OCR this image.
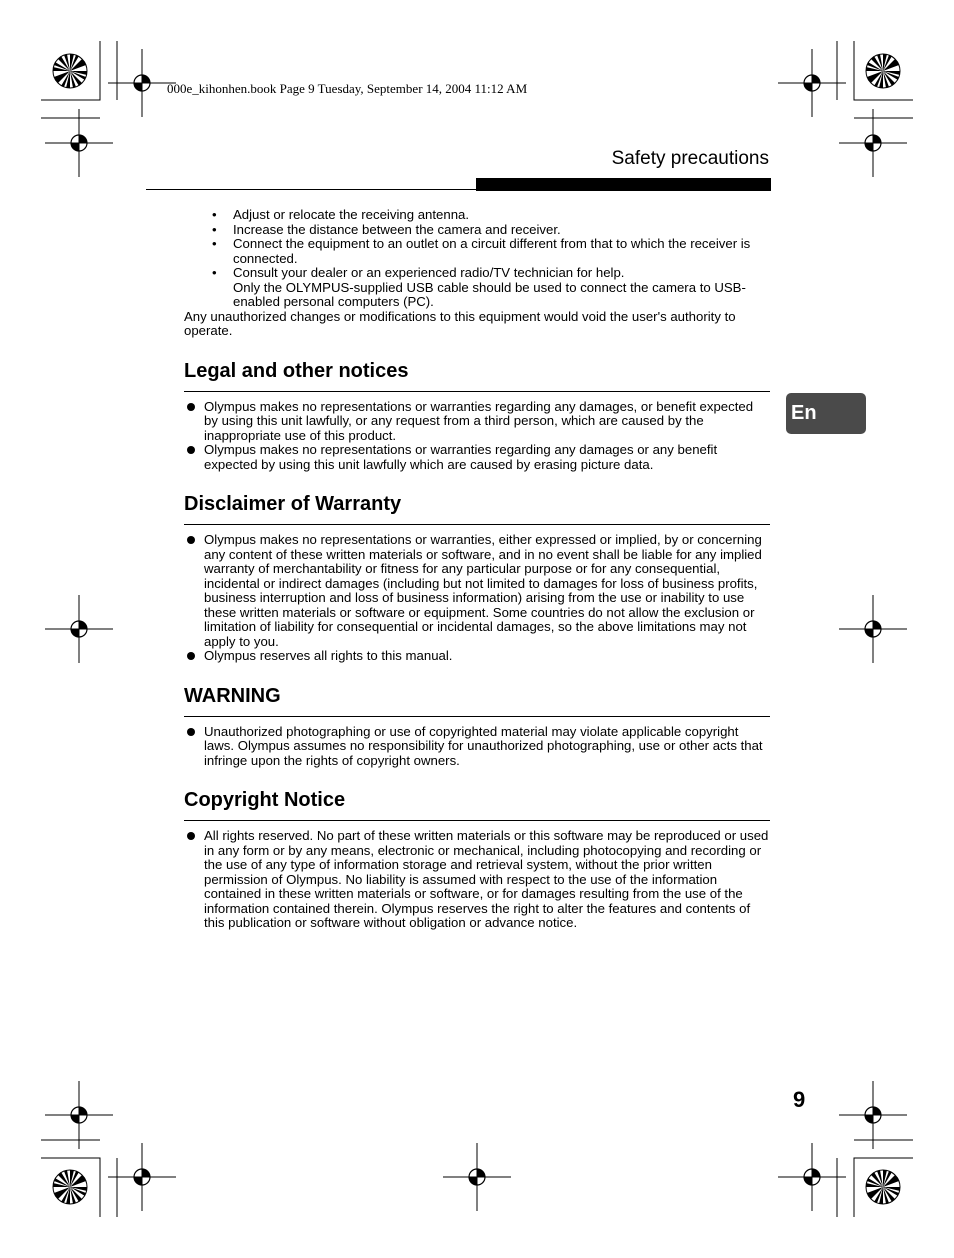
000e_kihonhen.book Page 9 Tuesday, September 14, 2004 11:12 AM
Safety precautions
En
• Adjust or relocate the receiving antenna.
• Increase the distance between the camera and receiver.
• Connect the equipment to an outlet on a circuit different from that to which the receiver is connected.
• Consult your dealer or an experienced radio/TV technician for help.
Only the OLYMPUS-supplied USB cable should be used to connect the camera to USB-enabled personal computers (PC).

Any unauthorized changes or modifications to this equipment would void the user's authority to operate.

Legal and other notices
Olympus makes no representations or warranties regarding any damages, or benefit expected by using this unit lawfully, or any request from a third person, which are caused by the inappropriate use of this product.
Olympus makes no representations or warranties regarding any damages or any benefit expected by using this unit lawfully which are caused by erasing picture data.
Disclaimer of Warranty
Olympus makes no representations or warranties, either expressed or implied, by or concerning any content of these written materials or software, and in no event shall be liable for any implied warranty of merchantability or fitness for any particular purpose or for any consequential, incidental or indirect damages (including but not limited to damages for loss of business profits, business interruption and loss of business information) arising from the use or inability to use these written materials or software or equipment. Some countries do not allow the exclusion or limitation of liability for consequential or incidental damages, so the above limitations may not apply to you.
Olympus reserves all rights to this manual.
WARNING
Unauthorized photographing or use of copyrighted material may violate applicable copyright laws. Olympus assumes no responsibility for unauthorized photographing, use or other acts that infringe upon the rights of copyright owners.
Copyright Notice
All rights reserved. No part of these written materials or this software may be reproduced or used in any form or by any means, electronic or mechanical, including photocopying and recording or the use of any type of information storage and retrieval system, without the prior written permission of Olympus. No liability is assumed with respect to the use of the information contained in these written materials or software, or for damages resulting from the use of the information contained therein. Olympus reserves the right to alter the features and contents of this publication or software without obligation or advance notice.
9
